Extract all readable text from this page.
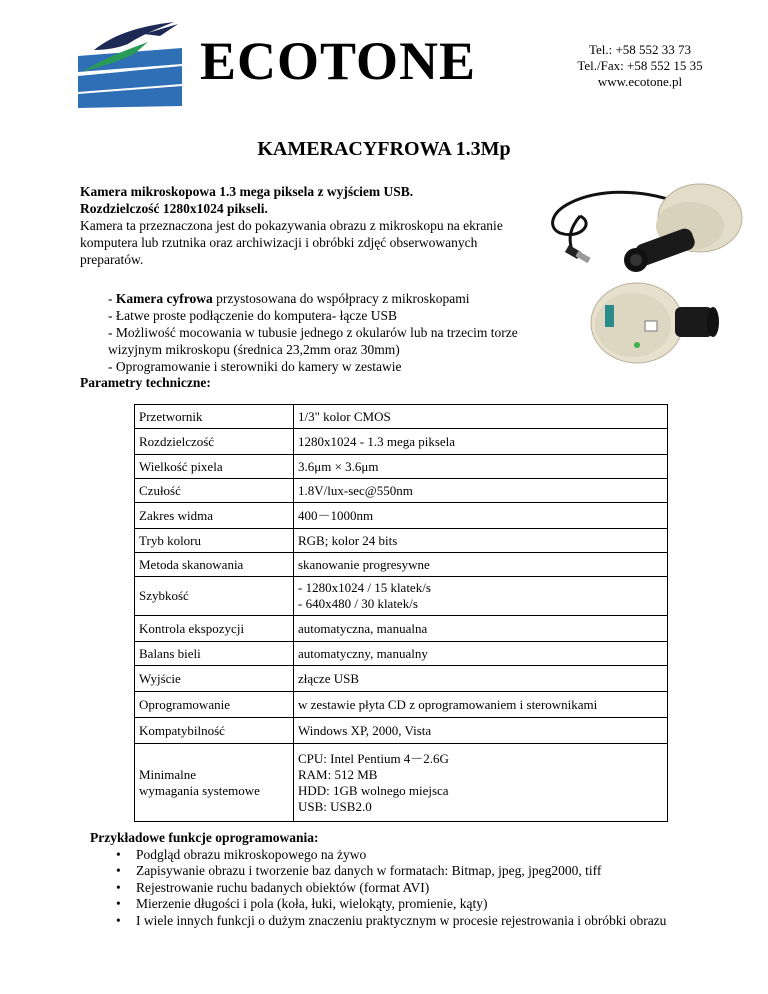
ECOTONE	Tel.: +58 552 33 73
Tel./Fax: +58 552 15 35
www.ecotone.pl
KAMERACYFROWA 1.3Mp
Kamera mikroskopowa 1.3 mega piksela z wyjściem USB.
Rozdzielczość 1280x1024 pikseli.
Kamera ta przeznaczona jest do pokazywania obrazu z mikroskopu na ekranie komputera lub rzutnika oraz archiwizacji i obróbki zdjęć obserwowanych preparatów.
- Kamera cyfrowa przystosowana do współpracy z mikroskopami
- Łatwe proste podłączenie do komputera- łącze USB
- Możliwość mocowania w tubusie jednego z okularów lub na trzecim torze wizyjnym mikroskopu (średnica 23,2mm oraz 30mm)
- Oprogramowanie i sterowniki do kamery w zestawie
Parametry techniczne:
Przetwornik	1/3" kolor CMOS
Rozdzielczość	1280x1024 - 1.3 mega piksela
Wielkość pixela	3.6μm × 3.6μm
Czułość	1.8V/lux-sec@550nm
Zakres widma	400－1000nm
Tryb koloru	RGB; kolor 24 bits
Metoda skanowania	skanowanie progresywne
Szybkość	- 1280x1024 / 15 klatek/s
- 640x480 / 30 klatek/s
Kontrola ekspozycji	automatyczna, manualna
Balans bieli	automatyczny, manualny
Wyjście	złącze USB
Oprogramowanie	w zestawie płyta CD z oprogramowaniem i sterownikami
Kompatybilność	Windows XP, 2000, Vista
Minimalne
wymagania systemowe	CPU: Intel Pentium 4－2.6G
RAM: 512 MB
HDD: 1GB wolnego miejsca
USB: USB2.0
Przykładowe funkcje oprogramowania:
• Podgląd obrazu mikroskopowego na żywo
• Zapisywanie obrazu i tworzenie baz danych w formatach: Bitmap, jpeg, jpeg2000, tiff
• Rejestrowanie ruchu badanych obiektów (format AVI)
• Mierzenie długości i pola (koła, łuki, wielokąty, promienie, kąty)
• I wiele innych funkcji o dużym znaczeniu praktycznym w procesie rejestrowania i obróbki obrazu
